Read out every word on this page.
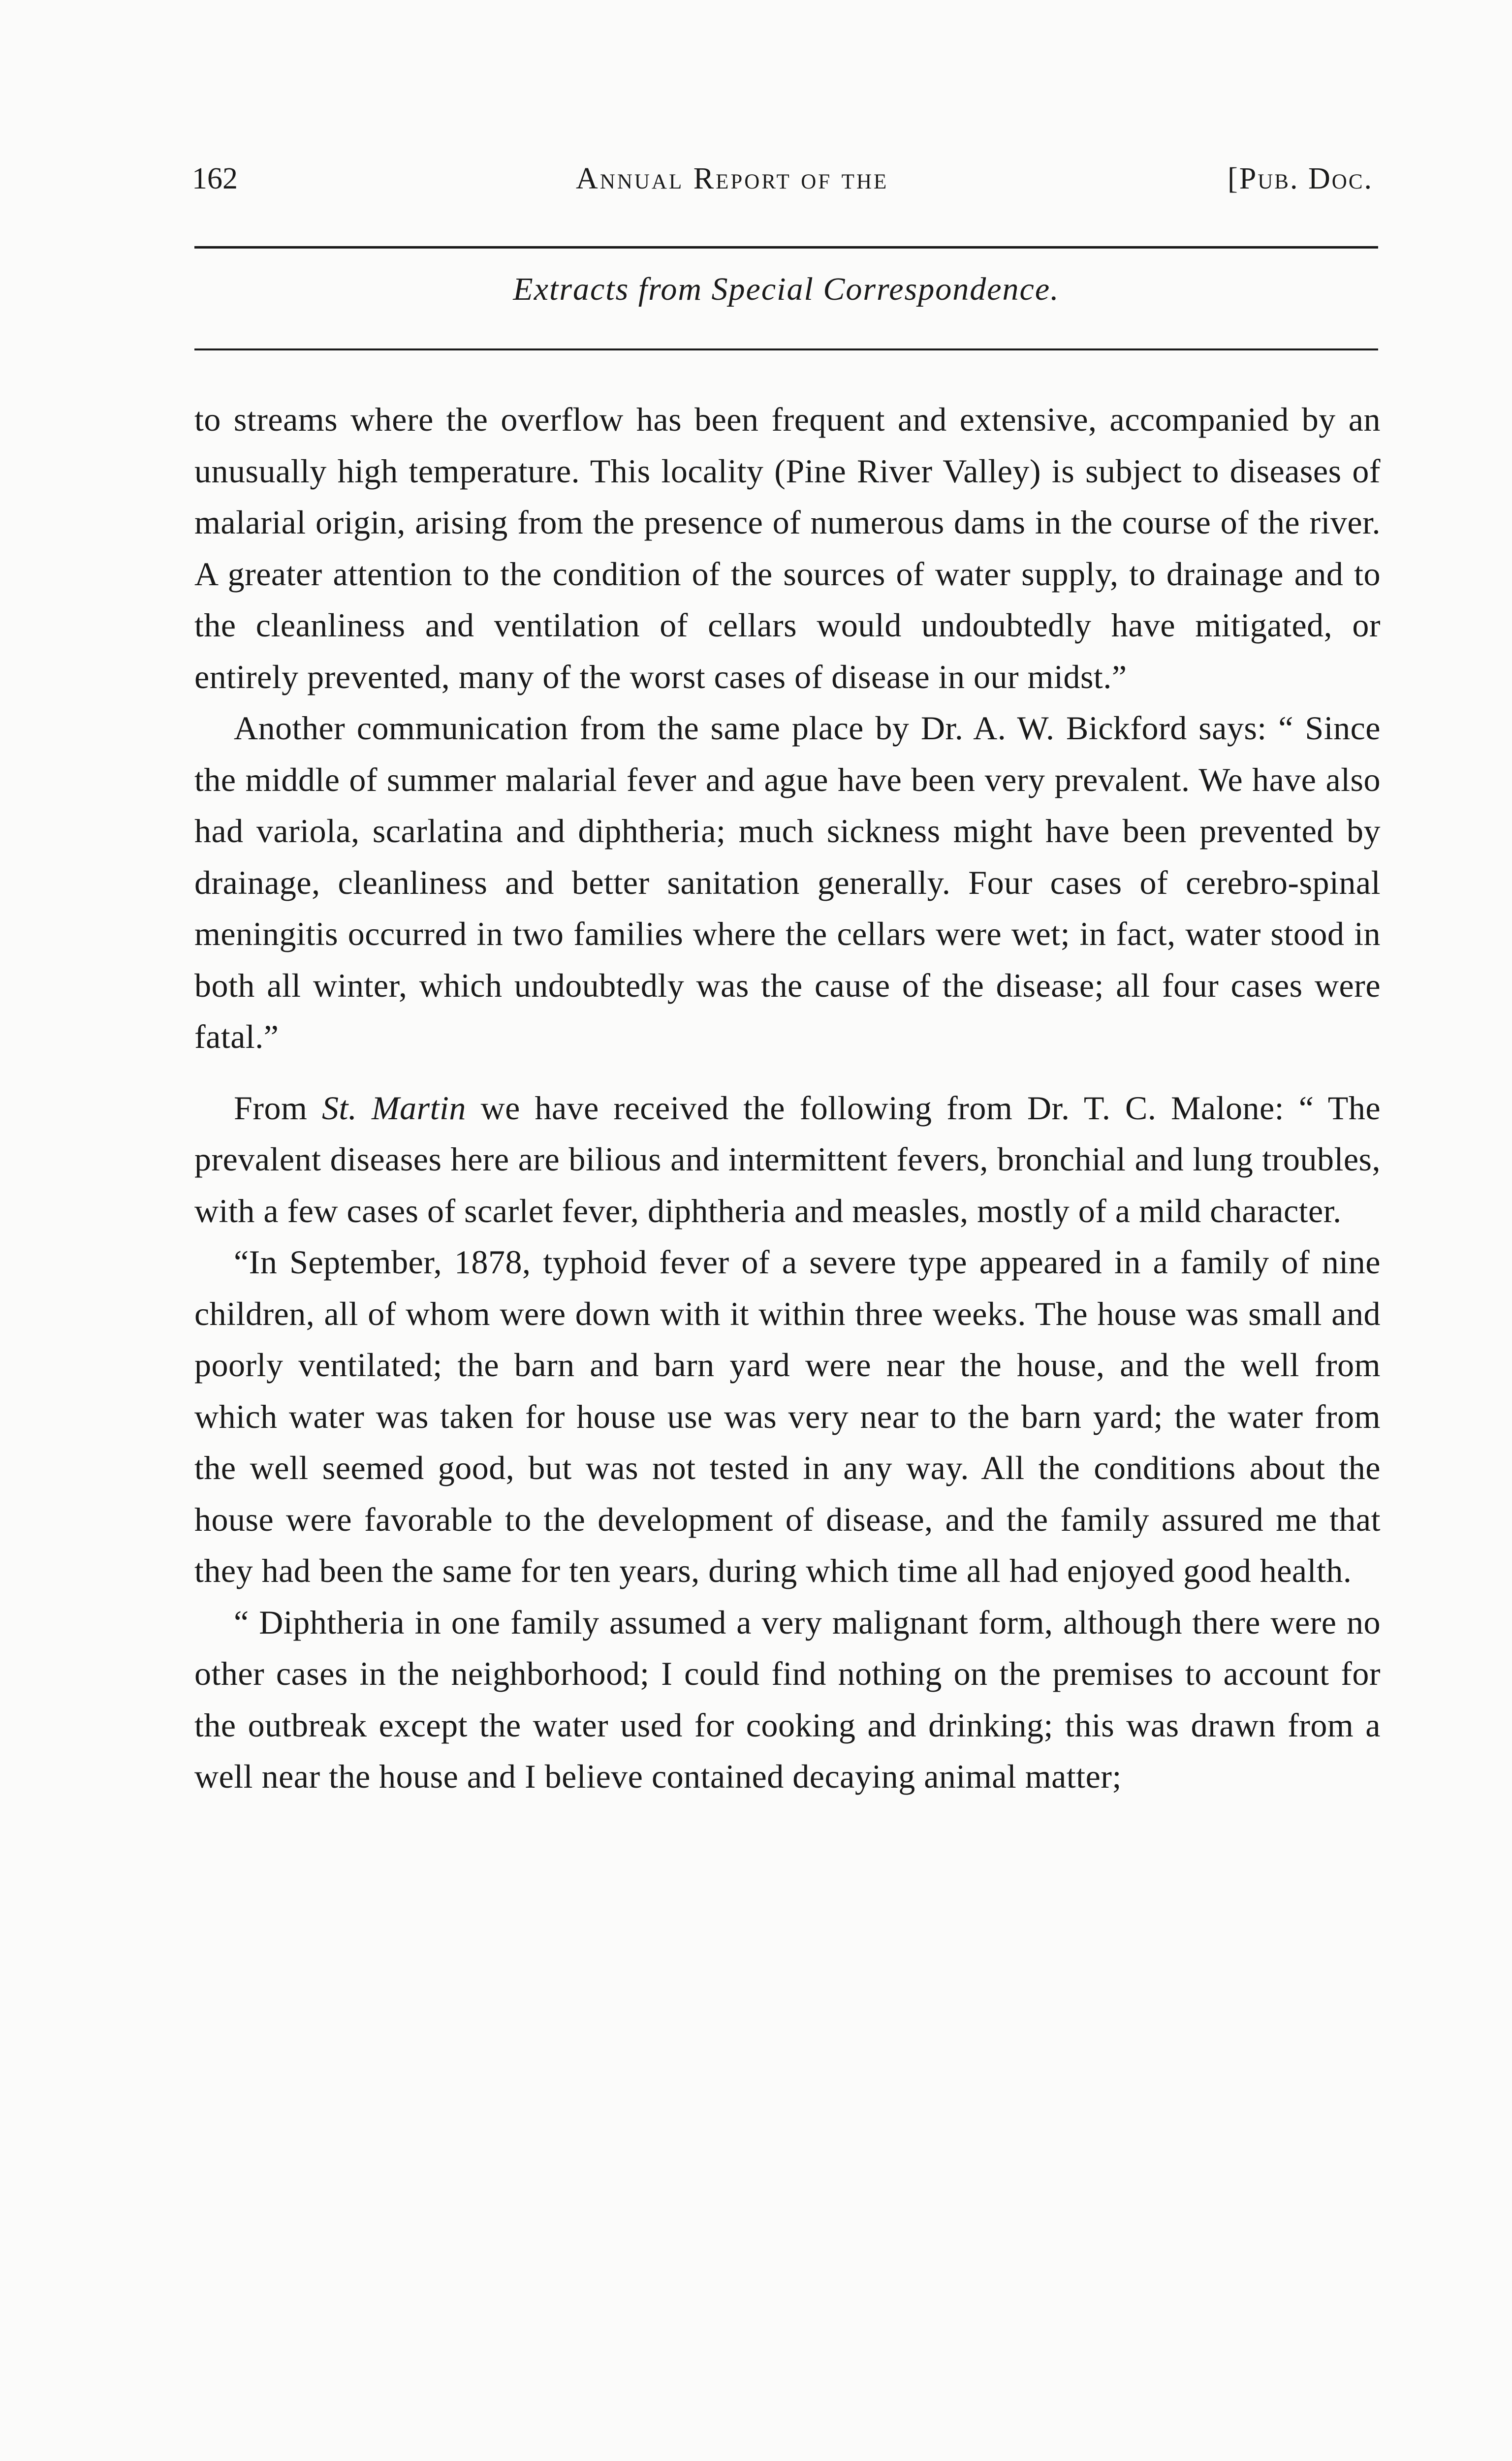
162	Annual Report of the	[Pub. Doc.
Extracts from Special Correspondence.

to streams where the overflow has been frequent and extensive, accompanied by an unusually high temperature. This locality (Pine River Valley) is subject to diseases of malarial origin, arising from the presence of numerous dams in the course of the river. A greater attention to the condition of the sources of water supply, to drainage and to the cleanliness and ventilation of cellars would undoubtedly have mitigated, or entirely prevented, many of the worst cases of disease in our midst.”

Another communication from the same place by Dr. A. W. Bickford says: “ Since the middle of summer malarial fever and ague have been very prevalent. We have also had variola, scarlatina and diphtheria; much sickness might have been prevented by drainage, cleanliness and better sanitation generally. Four cases of cerebro-spinal meningitis occurred in two families where the cellars were wet; in fact, water stood in both all winter, which undoubtedly was the cause of the disease; all four cases were fatal.”

From St. Martin we have received the following from Dr. T. C. Malone: “ The prevalent diseases here are bilious and intermittent fevers, bronchial and lung troubles, with a few cases of scarlet fever, diphtheria and measles, mostly of a mild character.

“In September, 1878, typhoid fever of a severe type appeared in a family of nine children, all of whom were down with it within three weeks. The house was small and poorly ventilated; the barn and barn yard were near the house, and the well from which water was taken for house use was very near to the barn yard; the water from the well seemed good, but was not tested in any way. All the conditions about the house were favorable to the development of disease, and the family assured me that they had been the same for ten years, during which time all had enjoyed good health.

“ Diphtheria in one family assumed a very malignant form, although there were no other cases in the neighborhood; I could find nothing on the premises to account for the outbreak except the water used for cooking and drinking; this was drawn from a well near the house and I believe contained decaying animal matter;
